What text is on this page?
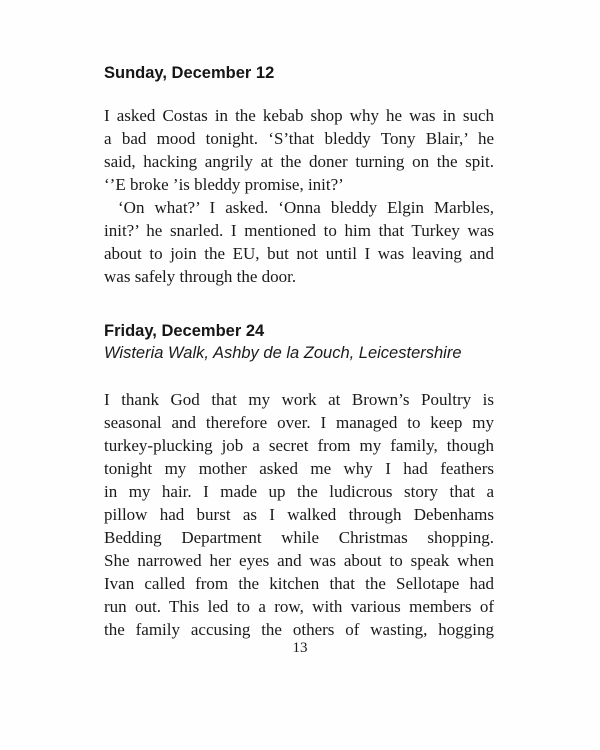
Sunday, December 12
I asked Costas in the kebab shop why he was in such
a bad mood tonight. ‘S’that bleddy Tony Blair,’ he
said, hacking angrily at the doner turning on the spit.
‘’E broke ’is bleddy promise, init?’
‘On what?’ I asked. ‘Onna bleddy Elgin Marbles,
init?’ he snarled. I mentioned to him that Turkey was
about to join the EU, but not until I was leaving and
was safely through the door.
Friday, December 24

Wisteria Walk, Ashby de la Zouch, Leicestershire

I thank God that my work at Brown’s Poultry is
seasonal and therefore over. I managed to keep my
turkey-plucking job a secret from my family, though
tonight my mother asked me why I had feathers
in my hair. I made up the ludicrous story that a
pillow had burst as I walked through Debenhams
Bedding Department while Christmas shopping.
She narrowed her eyes and was about to speak when
Ivan called from the kitchen that the Sellotape had
run out. This led to a row, with various members of
the family accusing the others of wasting, hogging

13
